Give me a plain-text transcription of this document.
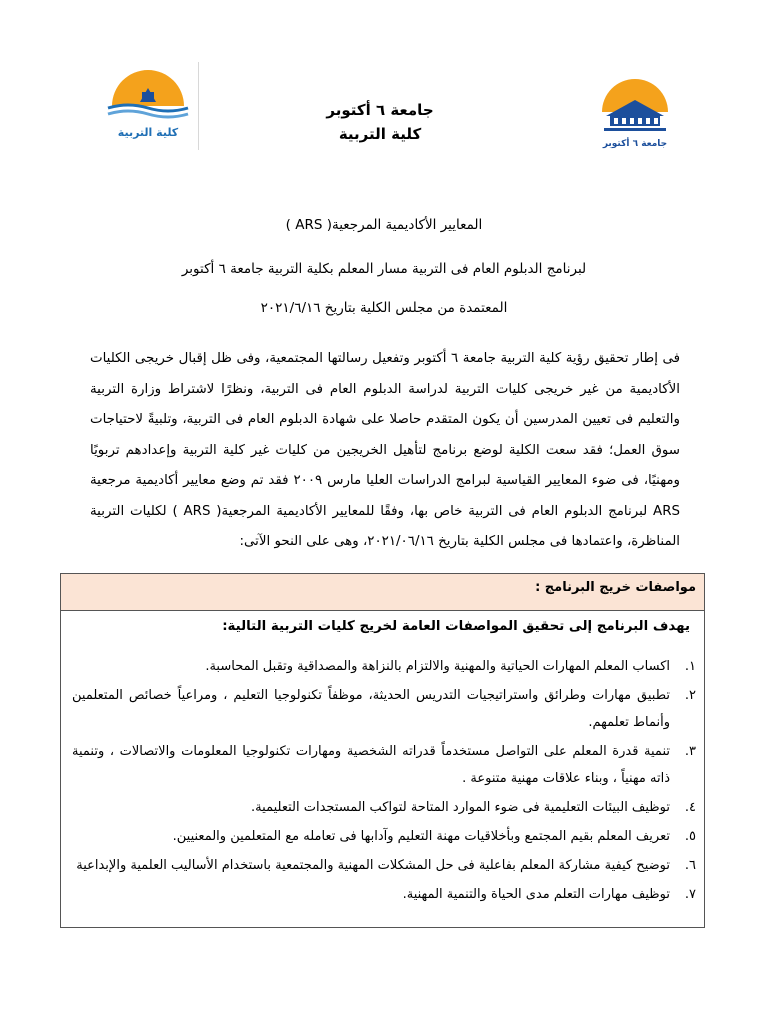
كلية التربية
جامعة ٦ أكتوبر
جامعة ٦ أكتوبر
كلية التربية
المعايير الأكاديمية المرجعية( ARS )
لبرنامج الدبلوم العام فى التربية مسار المعلم بكلية التربية جامعة ٦ أكتوبر
المعتمدة من مجلس الكلية بتاريخ ٢٠٢١/٦/١٦

فى إطار تحقيق رؤية كلية التربية جامعة ٦ أكتوبر وتفعيل رسالتها المجتمعية، وفى ظل إقبال خريجى الكليات الأكاديمية من غير خريجى كليات التربية لدراسة الدبلوم العام فى التربية، ونظرًا لاشتراط وزارة التربية والتعليم فى تعيين المدرسين أن يكون المتقدم حاصلا على شهادة الدبلوم العام فى التربية، وتلبيةً لاحتياجات سوق العمل؛ فقد سعت الكلية لوضع برنامج لتأهيل الخريجين من كليات غير كلية التربية وإعدادهم تربويًا ومهنيًا، فى ضوء المعايير القياسية لبرامج الدراسات العليا مارس ٢٠٠٩ فقد تم وضع معايير أكاديمية مرجعية ARS لبرنامج الدبلوم العام فى التربية خاص بها، وفقًا للمعايير الأكاديمية المرجعية( ARS ) لكليات التربية المناظرة، واعتمادها فى مجلس الكلية بتاريخ ٢٠٢١/٠٦/١٦، وهى على النحو الآتى:

مواصفات خريج البرنامج :
يهدف البرنامج إلى تحقيق المواصفات العامة لخريج كليات التربية التالية:
١.
اكساب المعلم المهارات الحياتية والمهنية والالتزام بالنزاهة والمصداقية وتقبل المحاسبة.
٢.
تطبيق مهارات وطرائق واستراتيجيات التدريس الحديثة، موظفاً تكنولوجيا التعليم ، ومراعياً خصائص المتعلمين وأنماط تعلمهم.
٣.
تنمية قدرة المعلم على التواصل مستخدماً قدراته الشخصية ومهارات تكنولوجيا المعلومات والاتصالات ، وتنمية ذاته مهنياً ، وبناء علاقات مهنية متنوعة .
٤.
توظيف البيئات التعليمية فى ضوء الموارد المتاحة لتواكب المستجدات التعليمية.
٥.
تعريف المعلم بقيم المجتمع وبأخلاقيات مهنة التعليم وآدابها فى تعامله مع المتعلمين والمعنيين.
٦.
توضيح كيفية مشاركة المعلم بفاعلية فى حل المشكلات المهنية والمجتمعية باستخدام الأساليب العلمية والإبداعية
٧.
توظيف مهارات التعلم مدى الحياة والتنمية المهنية.
